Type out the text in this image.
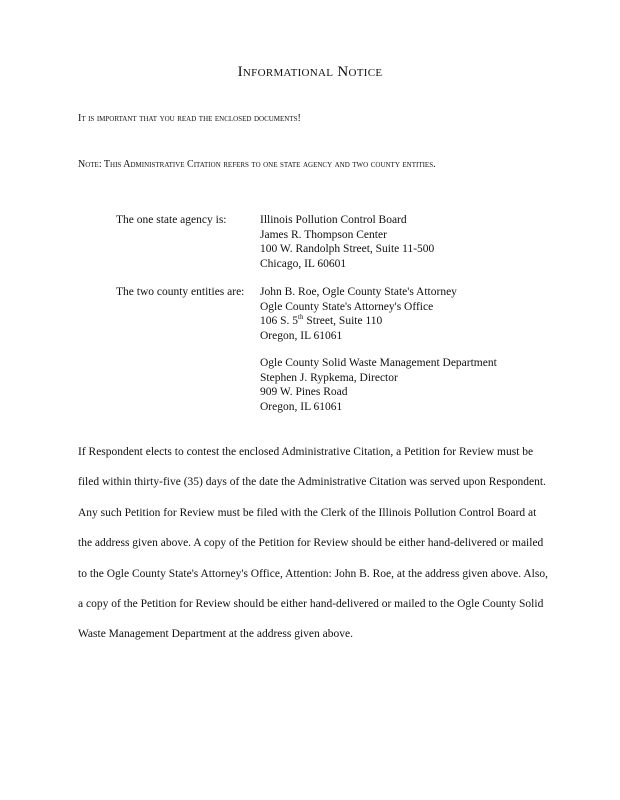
Informational Notice
It is important that you read the enclosed documents!
Note: This Administrative Citation refers to one state agency and two county entities.
The one state agency is:	Illinois Pollution Control Board
James R. Thompson Center
100 W. Randolph Street, Suite 11-500
Chicago, IL 60601
The two county entities are:	John B. Roe, Ogle County State's Attorney
Ogle County State's Attorney's Office
106 S. 5th Street, Suite 110
Oregon, IL 61061
Ogle County Solid Waste Management Department
Stephen J. Rypkema, Director
909 W. Pines Road
Oregon, IL 61061
If Respondent elects to contest the enclosed Administrative Citation, a Petition for Review must be filed within thirty-five (35) days of the date the Administrative Citation was served upon Respondent. Any such Petition for Review must be filed with the Clerk of the Illinois Pollution Control Board at the address given above. A copy of the Petition for Review should be either hand-delivered or mailed to the Ogle County State's Attorney's Office, Attention: John B. Roe, at the address given above. Also, a copy of the Petition for Review should be either hand-delivered or mailed to the Ogle County Solid Waste Management Department at the address given above.
